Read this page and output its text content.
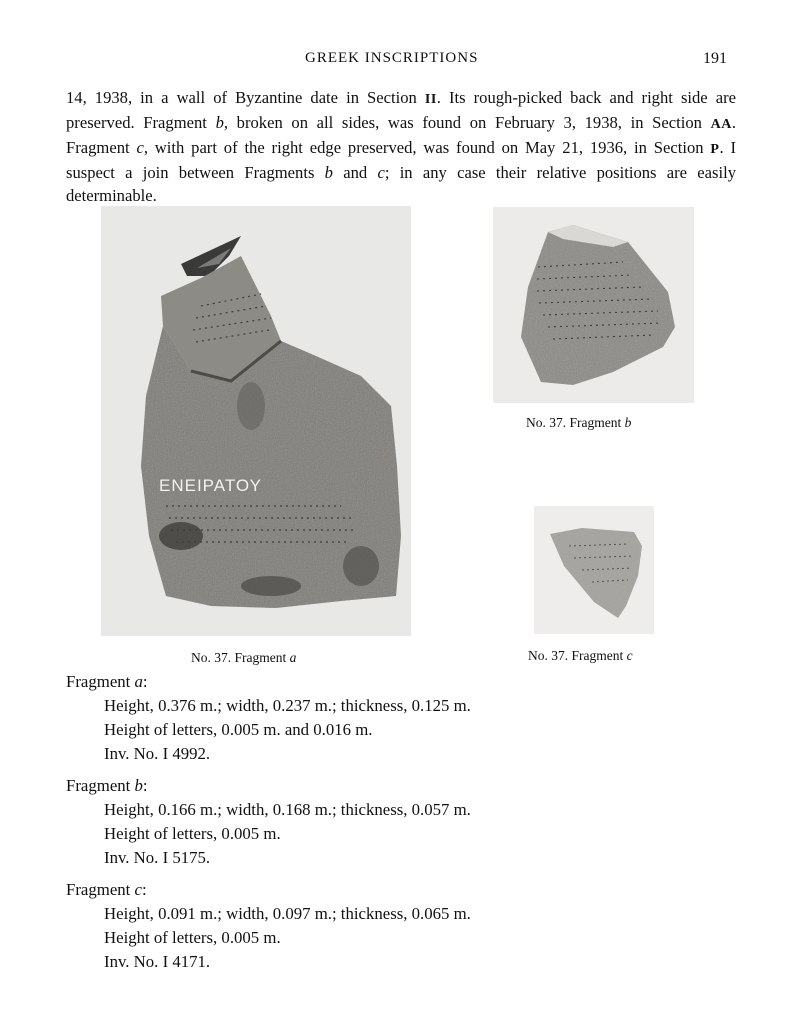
GREEK INSCRIPTIONS	191

14, 1938, in a wall of Byzantine date in Section II. Its rough-picked back and right side are preserved. Fragment b, broken on all sides, was found on February 3, 1938, in Section AA. Fragment c, with part of the right edge preserved, was found on May 21, 1936, in Section P. I suspect a join between Fragments b and c; in any case their relative positions are easily determinable.

ΕΝΕΙΡΑΤΟΥ
No. 37. Fragment a
No. 37. Fragment b
No. 37. Fragment c
Fragment a:
Height, 0.376 m.; width, 0.237 m.; thickness, 0.125 m.
Height of letters, 0.005 m. and 0.016 m.
Inv. No. I 4992.
Fragment b:
Height, 0.166 m.; width, 0.168 m.; thickness, 0.057 m.
Height of letters, 0.005 m.
Inv. No. I 5175.
Fragment c:
Height, 0.091 m.; width, 0.097 m.; thickness, 0.065 m.
Height of letters, 0.005 m.
Inv. No. I 4171.
